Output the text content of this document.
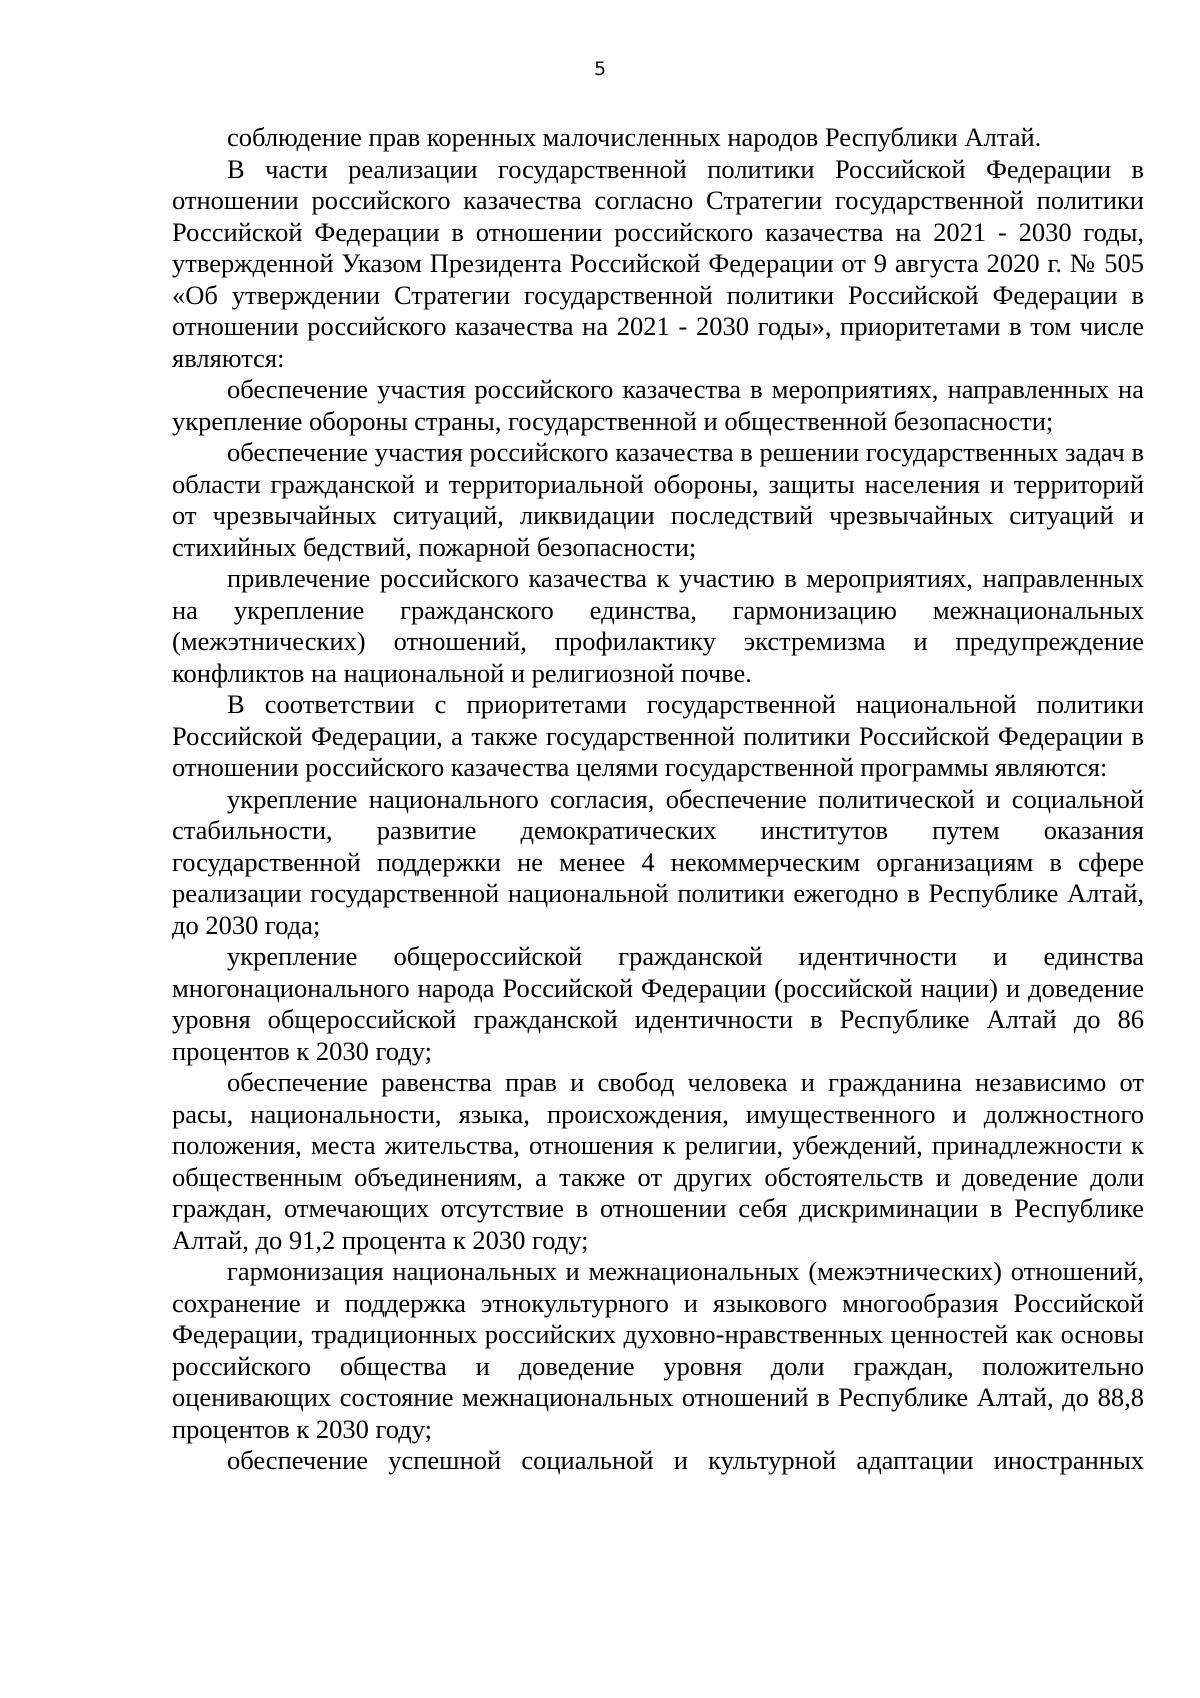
5

соблюдение прав коренных малочисленных народов Республики Алтай.

В части реализации государственной политики Российской Федерации в отношении российского казачества согласно Стратегии государственной политики Российской Федерации в отношении российского казачества на 2021 - 2030 годы, утвержденной Указом Президента Российской Федерации от 9 августа 2020 г. № 505 «Об утверждении Стратегии государственной политики Российской Федерации в отношении российского казачества на 2021 - 2030 годы», приоритетами в том числе являются:

обеспечение участия российского казачества в мероприятиях, направленных на укрепление обороны страны, государственной и общественной безопасности;

обеспечение участия российского казачества в решении государственных задач в области гражданской и территориальной обороны, защиты населения и территорий от чрезвычайных ситуаций, ликвидации последствий чрезвычайных ситуаций и стихийных бедствий, пожарной безопасности;

привлечение российского казачества к участию в мероприятиях, направленных на укрепление гражданского единства, гармонизацию межнациональных (межэтнических) отношений, профилактику экстремизма и предупреждение конфликтов на национальной и религиозной почве.

В соответствии с приоритетами государственной национальной политики Российской Федерации, а также государственной политики Российской Федерации в отношении российского казачества целями государственной программы являются:

укрепление национального согласия, обеспечение политической и социальной стабильности, развитие демократических институтов путем оказания государственной поддержки не менее 4 некоммерческим организациям в сфере реализации государственной национальной политики ежегодно в Республике Алтай, до 2030 года;

укрепление общероссийской гражданской идентичности и единства многонационального народа Российской Федерации (российской нации) и доведение уровня общероссийской гражданской идентичности в Республике Алтай до 86 процентов к 2030 году;

обеспечение равенства прав и свобод человека и гражданина независимо от расы, национальности, языка, происхождения, имущественного и должностного положения, места жительства, отношения к религии, убеждений, принадлежности к общественным объединениям, а также от других обстоятельств и доведение доли граждан, отмечающих отсутствие в отношении себя дискриминации в Республике Алтай, до 91,2 процента к 2030 году;

гармонизация национальных и межнациональных (межэтнических) отношений, сохранение и поддержка этнокультурного и языкового многообразия Российской Федерации, традиционных российских духовно-нравственных ценностей как основы российского общества и доведение уровня доли граждан, положительно оценивающих состояние межнациональных отношений в Республике Алтай, до 88,8 процентов к 2030 году;

обеспечение успешной социальной и культурной адаптации иностранных
